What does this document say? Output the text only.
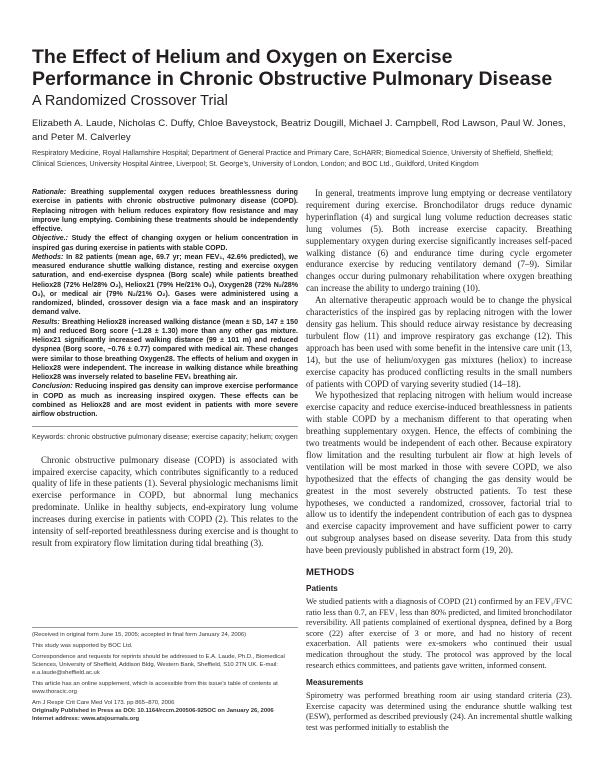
The Effect of Helium and Oxygen on Exercise Performance in Chronic Obstructive Pulmonary Disease
A Randomized Crossover Trial
Elizabeth A. Laude, Nicholas C. Duffy, Chloe Baveystock, Beatriz Dougill, Michael J. Campbell, Rod Lawson, Paul W. Jones, and Peter M. Calverley
Respiratory Medicine, Royal Hallamshire Hospital; Department of General Practice and Primary Care, ScHARR; Biomedical Science, University of Sheffield, Sheffield; Clinical Sciences, University Hospital Aintree, Liverpool; St. George’s, University of London, London; and BOC Ltd., Guildford, United Kingdom

Rationale: Breathing supplemental oxygen reduces breathlessness during exercise in patients with chronic obstructive pulmonary disease (COPD). Replacing nitrogen with helium reduces expiratory flow resistance and may improve lung emptying. Combining these treatments should be independently effective.

Objective.: Study the effect of changing oxygen or helium concentration in inspired gas during exercise in patients with stable COPD.

Methods: In 82 patients (mean age, 69.7 yr; mean FEV₁, 42.6% predicted), we measured endurance shuttle walking distance, resting and exercise oxygen saturation, and end-exercise dyspnea (Borg scale) while patients breathed Heliox28 (72% He/28% O₂), Heliox21 (79% He/21% O₂), Oxygen28 (72% N₂/28% O₂), or medical air (79% N₂/21% O₂). Gases were administered using a randomized, blinded, crossover design via a face mask and an inspiratory demand valve.

Results: Breathing Heliox28 increased walking distance (mean ± SD, 147 ± 150 m) and reduced Borg score (−1.28 ± 1.30) more than any other gas mixture. Heliox21 significantly increased walking distance (99 ± 101 m) and reduced dyspnea (Borg score, −0.76 ± 0.77) compared with medical air. These changes were similar to those breathing Oxygen28. The effects of helium and oxygen in Heliox28 were independent. The increase in walking distance while breathing Heliox28 was inversely related to baseline FEV₁ breathing air.

Conclusion: Reducing inspired gas density can improve exercise performance in COPD as much as increasing inspired oxygen. These effects can be combined as Heliox28 and are most evident in patients with more severe airflow obstruction.

Keywords: chronic obstructive pulmonary disease; exercise capacity; helium; oxygen

Chronic obstructive pulmonary disease (COPD) is associated with impaired exercise capacity, which contributes significantly to a reduced quality of life in these patients (1). Several physiologic mechanisms limit exercise performance in COPD, but abnormal lung mechanics predominate. Unlike in healthy subjects, end-expiratory lung volume increases during exercise in patients with COPD (2). This relates to the intensity of self-reported breathlessness during exercise and is thought to result from expiratory flow limitation during tidal breathing (3).

(Received in original form June 15, 2005; accepted in final form January 24, 2006)

This study was supported by BOC Ltd.

Correspondence and requests for reprints should be addressed to E.A. Laude, Ph.D., Biomedical Sciences, University of Sheffield, Addison Bldg, Western Bank, Sheffield, S10 2TN UK. E-mail: e.a.laude@sheffield.ac.uk

This article has an online supplement, which is accessible from this issue’s table of contents at www.thoracic.org

Am J Respir Crit Care Med Vol 173. pp 865–870, 2006

Originally Published in Press as DOI: 10.1164/rccm.200506-925OC on January 26, 2006

Internet address: www.atsjournals.org

In general, treatments improve lung emptying or decrease ventilatory requirement during exercise. Bronchodilator drugs reduce dynamic hyperinflation (4) and surgical lung volume reduction decreases static lung volumes (5). Both increase exercise capacity. Breathing supplementary oxygen during exercise significantly increases self-paced walking distance (6) and endurance time during cycle ergometer endurance exercise by reducing ventilatory demand (7–9). Similar changes occur during pulmonary rehabilitation where oxygen breathing can increase the ability to undergo training (10).

An alternative therapeutic approach would be to change the physical characteristics of the inspired gas by replacing nitrogen with the lower density gas helium. This should reduce airway resistance by decreasing turbulent flow (11) and improve respiratory gas exchange (12). This approach has been used with some benefit in the intensive care unit (13, 14), but the use of helium/oxygen gas mixtures (heliox) to increase exercise capacity has produced conflicting results in the small numbers of patients with COPD of varying severity studied (14–18).

We hypothesized that replacing nitrogen with helium would increase exercise capacity and reduce exercise-induced breathlessness in patients with stable COPD by a mechanism different to that operating when breathing supplementary oxygen. Hence, the effects of combining the two treatments would be independent of each other. Because expiratory flow limitation and the resulting turbulent air flow at high levels of ventilation will be most marked in those with severe COPD, we also hypothesized that the effects of changing the gas density would be greatest in the most severely obstructed patients. To test these hypotheses, we conducted a randomized, crossover, factorial trial to allow us to identify the independent contribution of each gas to dyspnea and exercise capacity improvement and have sufficient power to carry out subgroup analyses based on disease severity. Data from this study have been previously published in abstract form (19, 20).

METHODS
Patients

We studied patients with a diagnosis of COPD (21) confirmed by an FEV₁/FVC ratio less than 0.7, an FEV₁ less than 80% predicted, and limited bronchodilator reversibility. All patients complained of exertional dyspnea, defined by a Borg score (22) after exercise of 3 or more, and had no history of recent exacerbation. All patients were ex-smokers who continued their usual medication throughout the study. The protocol was approved by the local research ethics committees, and patients gave written, informed consent.

Measurements

Spirometry was performed breathing room air using standard criteria (23). Exercise capacity was determined using the endurance shuttle walking test (ESW), performed as described previously (24). An incremental shuttle walking test was performed initially to establish the
